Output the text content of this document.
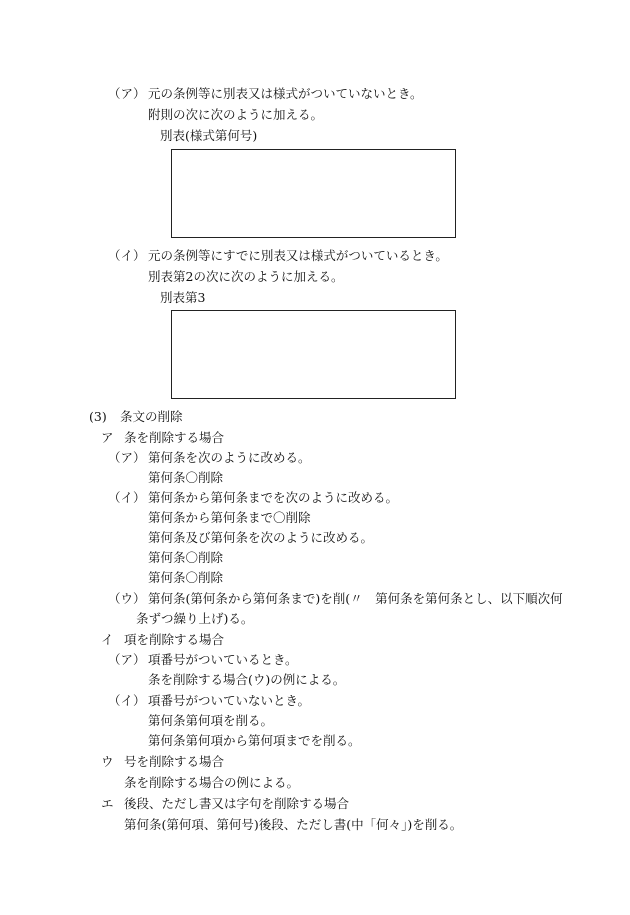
（ア） 元の条例等に別表又は様式がついていないとき。
附則の次に次のように加える。
別表(様式第何号)
（イ） 元の条例等にすでに別表又は様式がついているとき。
別表第2の次に次のように加える。
別表第3
(3) 条文の削除
ア 条を削除する場合
（ア） 第何条を次のように改める。
第何条〇削除
（イ） 第何条から第何条までを次のように改める。
第何条から第何条まで〇削除
第何条及び第何条を次のように改める。
第何条〇削除
第何条〇削除
（ウ） 第何条(第何条から第何条まで)を削(〃　第何条を第何条とし、以下順次何
条ずつ繰り上げ)る。
イ 項を削除する場合
（ア） 項番号がついているとき。
条を削除する場合(ウ)の例による。
（イ） 項番号がついていないとき。
第何条第何項を削る。
第何条第何項から第何項までを削る。
ウ 号を削除する場合
条を削除する場合の例による。
エ 後段、ただし書又は字句を削除する場合
第何条(第何項、第何号)後段、ただし書(中「何々」)を削る。
